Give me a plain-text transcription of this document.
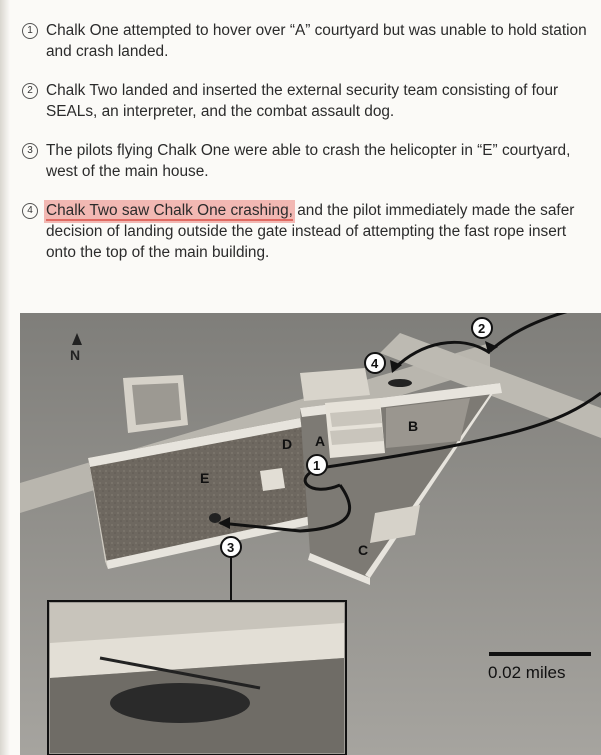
1 Chalk One attempted to hover over “A” courtyard but was unable to hold station and crash landed.
2 Chalk Two landed and inserted the external security team consisting of four SEALs, an interpreter, and the combat assault dog.
3 The pilots flying Chalk One were able to crash the helicopter in “E” courtyard, west of the main house.
4 Chalk Two saw Chalk One crashing, and the pilot immediately made the safer decision of landing outside the gate instead of attempting the fast rope insert onto the top of the main building.
N
A
B
C
D
E
1
2
3
4
0.02 miles
